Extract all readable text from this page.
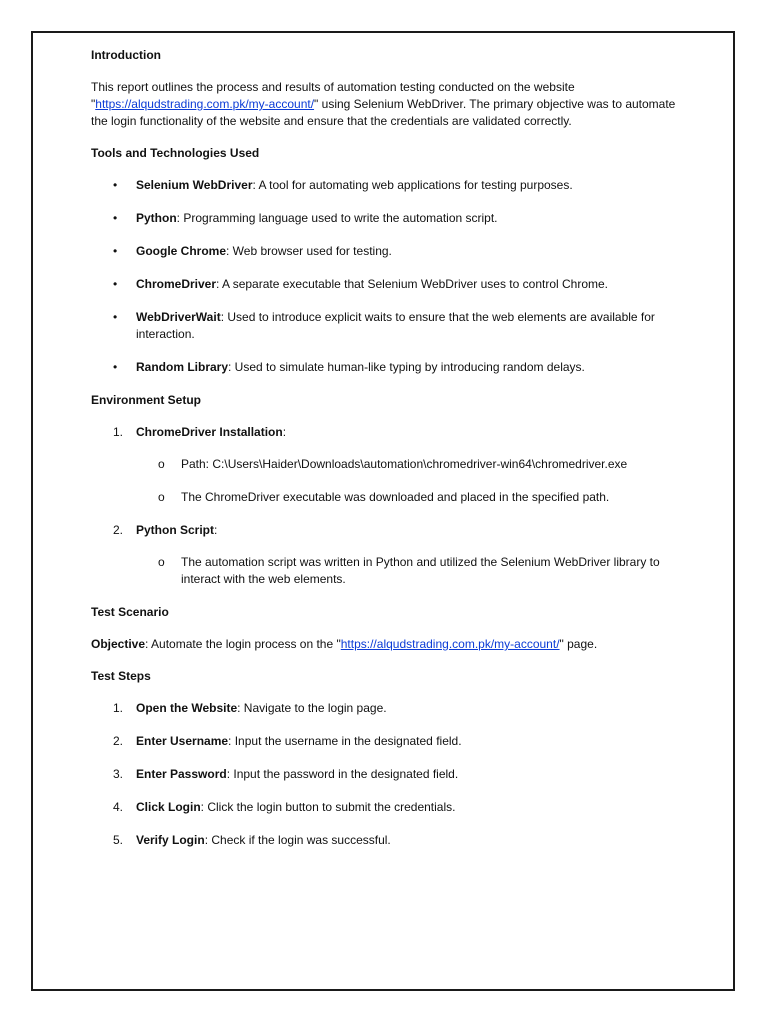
Introduction

This report outlines the process and results of automation testing conducted on the website "https://alqudstrading.com.pk/my-account/" using Selenium WebDriver. The primary objective was to automate the login functionality of the website and ensure that the credentials are validated correctly.

Tools and Technologies Used
• Selenium WebDriver: A tool for automating web applications for testing purposes.
• Python: Programming language used to write the automation script.
• Google Chrome: Web browser used for testing.
• ChromeDriver: A separate executable that Selenium WebDriver uses to control Chrome.
• WebDriverWait: Used to introduce explicit waits to ensure that the web elements are available for interaction.
• Random Library: Used to simulate human-like typing by introducing random delays.
Environment Setup
1. ChromeDriver Installation:
o Path: C:\Users\Haider\Downloads\automation\chromedriver-win64\chromedriver.exe
o The ChromeDriver executable was downloaded and placed in the specified path.
2. Python Script:
o The automation script was written in Python and utilized the Selenium WebDriver library to interact with the web elements.
Test Scenario

Objective: Automate the login process on the "https://alqudstrading.com.pk/my-account/" page.

Test Steps
1. Open the Website: Navigate to the login page.
2. Enter Username: Input the username in the designated field.
3. Enter Password: Input the password in the designated field.
4. Click Login: Click the login button to submit the credentials.
5. Verify Login: Check if the login was successful.
